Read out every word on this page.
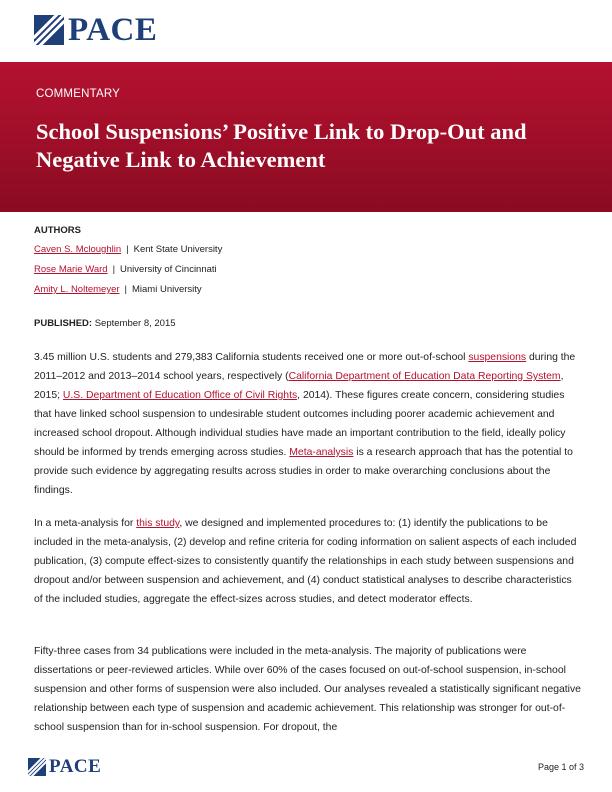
PACE
COMMENTARY
School Suspensions’ Positive Link to Drop-Out and Negative Link to Achievement
AUTHORS
Caven S. Mcloughlin | Kent State University
Rose Marie Ward | University of Cincinnati
Amity L. Noltemeyer | Miami University
PUBLISHED: September 8, 2015

3.45 million U.S. students and 279,383 California students received one or more out-of-school suspensions during the 2011–2012 and 2013–2014 school years, respectively (California Department of Education Data Reporting System, 2015; U.S. Department of Education Office of Civil Rights, 2014). These figures create concern, considering studies that have linked school suspension to undesirable student outcomes including poorer academic achievement and increased school dropout. Although individual studies have made an important contribution to the field, ideally policy should be informed by trends emerging across studies. Meta-analysis is a research approach that has the potential to provide such evidence by aggregating results across studies in order to make overarching conclusions about the findings.

In a meta-analysis for this study, we designed and implemented procedures to: (1) identify the publications to be included in the meta-analysis, (2) develop and refine criteria for coding information on salient aspects of each included publication, (3) compute effect-sizes to consistently quantify the relationships in each study between suspensions and dropout and/or between suspension and achievement, and (4) conduct statistical analyses to describe characteristics of the included studies, aggregate the effect-sizes across studies, and detect moderator effects.

Fifty-three cases from 34 publications were included in the meta-analysis. The majority of publications were dissertations or peer-reviewed articles. While over 60% of the cases focused on out-of-school suspension, in-school suspension and other forms of suspension were also included. Our analyses revealed a statistically significant negative relationship between each type of suspension and academic achievement. This relationship was stronger for out-of-school suspension than for in-school suspension. For dropout, the

PACE	Page 1 of 3
